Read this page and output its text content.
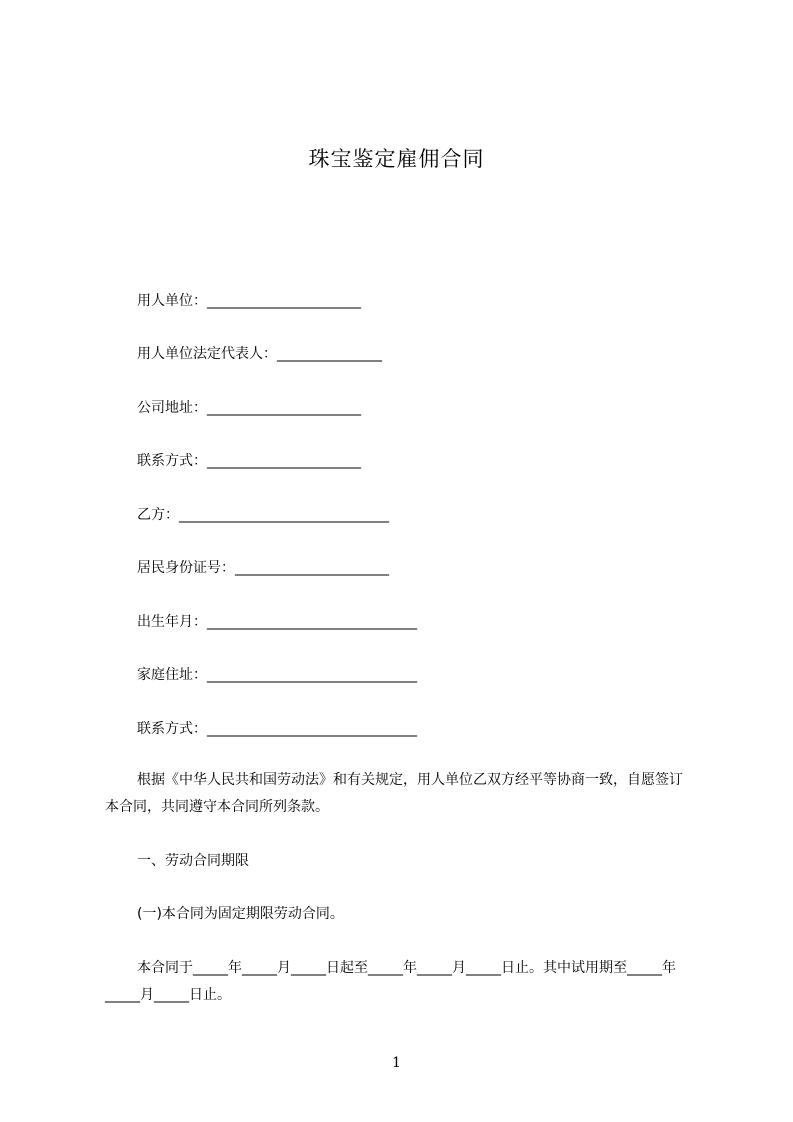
珠宝鉴定雇佣合同
用人单位：______________________
用人单位法定代表人：_______________
公司地址：______________________
联系方式：______________________
乙方：______________________________
居民身份证号：______________________
出生年月：______________________________
家庭住址：______________________________
联系方式：______________________________
根据《中华人民共和国劳动法》和有关规定，用人单位乙双方经平等协商一致，自愿签订本合同，共同遵守本合同所列条款。
一、劳动合同期限
(一)本合同为固定期限劳动合同。
本合同于_____年_____月_____日起至_____年_____月_____日止。其中试用期至_____年_____月_____日止。
1
